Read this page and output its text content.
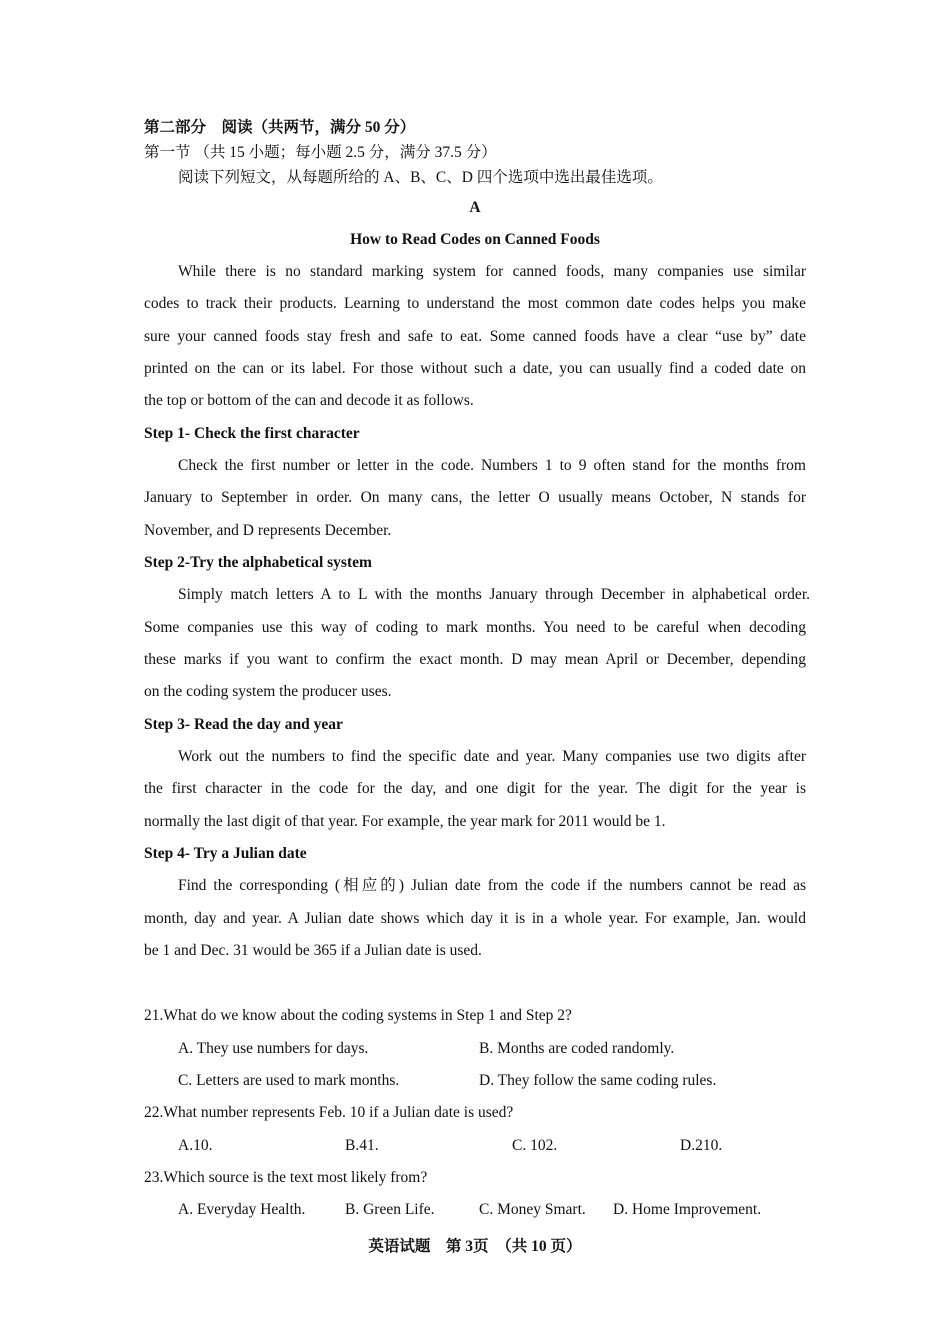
第二部分　阅读（共两节，满分 50 分）
第一节 （共 15 小题；每小题 2.5 分，满分 37.5 分）
阅读下列短文，从每题所给的 A、B、C、D 四个选项中选出最佳选项。
A
How to Read Codes on Canned Foods
While there is no standard marking system for canned foods, many companies use similar
codes to track their products. Learning to understand the most common date codes helps you make
sure your canned foods stay fresh and safe to eat. Some canned foods have a clear “use by” date
printed on the can or its label. For those without such a date, you can usually find a coded date on
the top or bottom of the can and decode it as follows.
Step 1- Check the first character
Check the first number or letter in the code. Numbers 1 to 9 often stand for the months from
January to September in order. On many cans, the letter O usually means October, N stands for
November, and D represents December.
Step 2-Try the alphabetical system
Simply match letters A to L with the months January through December in alphabetical order.
Some companies use this way of coding to mark months. You need to be careful when decoding
these marks if you want to confirm the exact month. D may mean April or December, depending
on the coding system the producer uses.
Step 3- Read the day and year
Work out the numbers to find the specific date and year. Many companies use two digits after
the first character in the code for the day, and one digit for the year. The digit for the year is
normally the last digit of that year. For example, the year mark for 2011 would be 1.
Step 4- Try a Julian date
Find the corresponding (相应的) Julian date from the code if the numbers cannot be read as
month, day and year. A Julian date shows which day it is in a whole year. For example, Jan. would
be 1 and Dec. 31 would be 365 if a Julian date is used.
21.What do we know about the coding systems in Step 1 and Step 2?
A. They use numbers for days.	B. Months are coded randomly.
C. Letters are used to mark months.	D. They follow the same coding rules.
22.What number represents Feb. 10 if a Julian date is used?
A.10.	B.41.	C. 102.	D.210.
23.Which source is the text most likely from?
A. Everyday Health.	B. Green Life.	C. Money Smart. D. Home Improvement.
英语试题　第 3页　（共 10 页）
